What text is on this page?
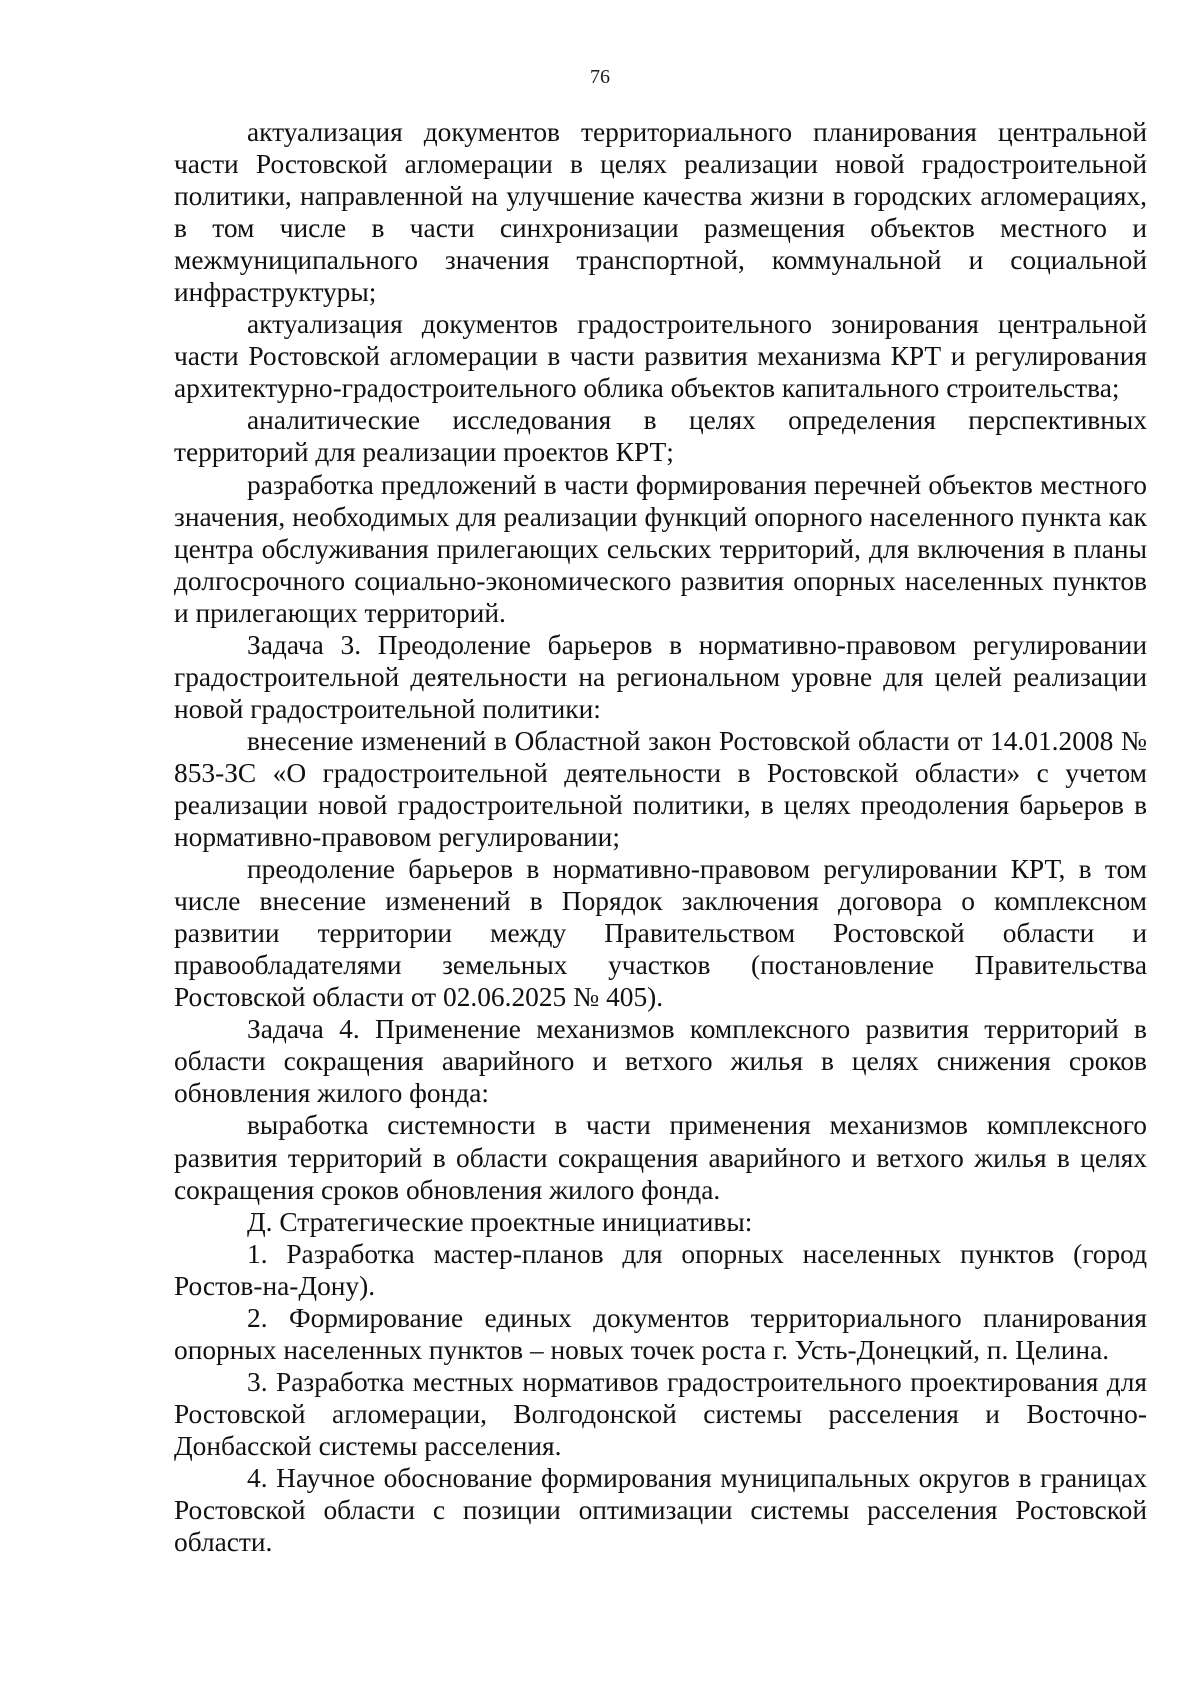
76

актуализация документов территориального планирования центральной части Ростовской агломерации в целях реализации новой градостроительной политики, направленной на улучшение качества жизни в городских агломерациях, в том числе в части синхронизации размещения объектов местного и межмуниципального значения транспортной, коммунальной и социальной инфраструктуры;

актуализация документов градостроительного зонирования центральной части Ростовской агломерации в части развития механизма КРТ и регулирования архитектурно-градостроительного облика объектов капитального строительства;

аналитические исследования в целях определения перспективных территорий для реализации проектов КРТ;

разработка предложений в части формирования перечней объектов местного значения, необходимых для реализации функций опорного населенного пункта как центра обслуживания прилегающих сельских территорий, для включения в планы долгосрочного социально-экономического развития опорных населенных пунктов и прилегающих территорий.

Задача 3. Преодоление барьеров в нормативно-правовом регулировании градостроительной деятельности на региональном уровне для целей реализации новой градостроительной политики:

внесение изменений в Областной закон Ростовской области от 14.01.2008 № 853-ЗС «О градостроительной деятельности в Ростовской области» с учетом реализации новой градостроительной политики, в целях преодоления барьеров в нормативно-правовом регулировании;

преодоление барьеров в нормативно-правовом регулировании КРТ, в том числе внесение изменений в Порядок заключения договора о комплексном развитии территории между Правительством Ростовской области и правообладателями земельных участков (постановление Правительства Ростовской области от 02.06.2025 № 405).

Задача 4. Применение механизмов комплексного развития территорий в области сокращения аварийного и ветхого жилья в целях снижения сроков обновления жилого фонда:

выработка системности в части применения механизмов комплексного развития территорий в области сокращения аварийного и ветхого жилья в целях сокращения сроков обновления жилого фонда.

Д. Стратегические проектные инициативы:

1. Разработка мастер-планов для опорных населенных пунктов (город Ростов-на-Дону).

2. Формирование единых документов территориального планирования опорных населенных пунктов – новых точек роста г. Усть-Донецкий, п. Целина.

3. Разработка местных нормативов градостроительного проектирования для Ростовской агломерации, Волгодонской системы расселения и Восточно-Донбасской системы расселения.

4. Научное обоснование формирования муниципальных округов в границах Ростовской области с позиции оптимизации системы расселения Ростовской области.
